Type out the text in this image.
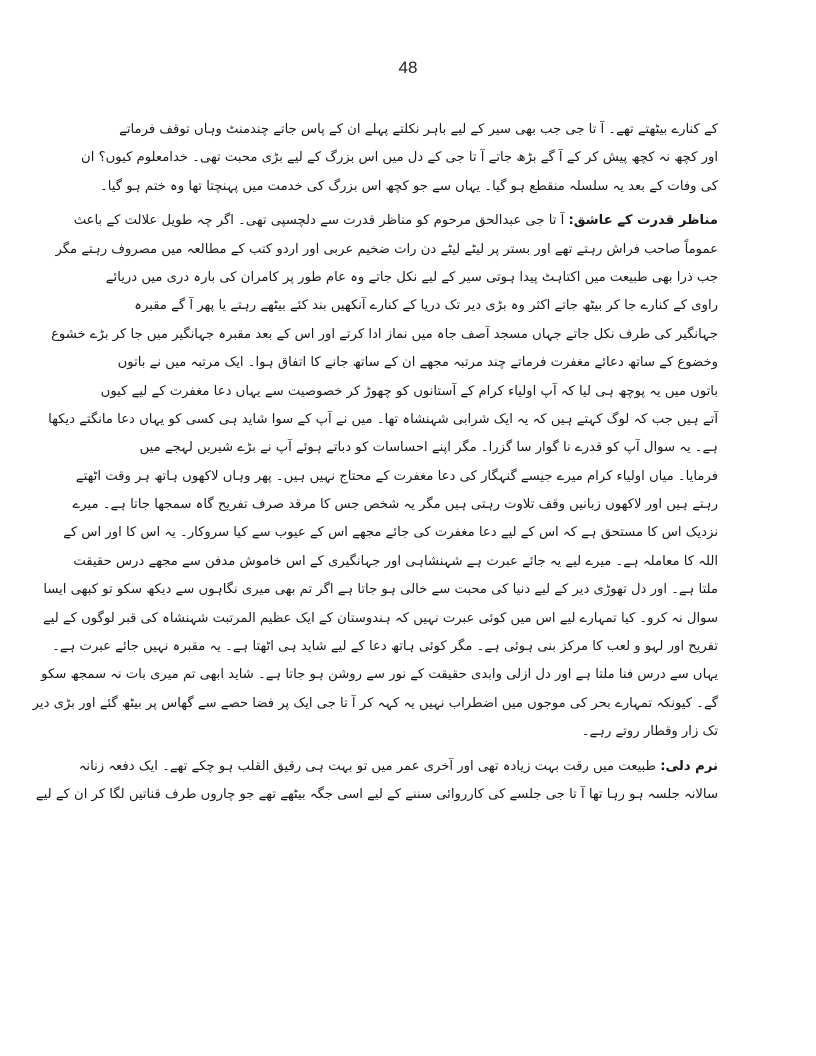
48
کے کنارے بیٹھتے تھے۔ آ تا جی جب بھی سیر کے لیے باہر نکلتے پہلے ان کے پاس جاتے چندمنٹ وہاں توقف فرماتے
اور کچھ نہ کچھ پیش کر کے آ گے بڑھ جاتے آ تا جی کے دل میں اس بزرگ کے لیے بڑی محبت تھی۔ خدامعلوم کیوں؟ ان
کی وفات کے بعد یہ سلسلہ منقطع ہو گیا۔ یہاں سے جو کچھ اس بزرگ کی خدمت میں پہنچتا تھا وہ ختم ہو گیا۔
مناظر قدرت کے عاشق: آ تا جی عبدالحق مرحوم کو مناظر قدرت سے دلچسپی تھی۔ اگر چہ طویل علالت کے باعث
عموماً صاحب فراش رہتے تھے اور بستر پر لیٹے لیٹے دن رات ضخیم عربی اور اردو کتب کے مطالعہ میں مصروف رہتے مگر
جب ذرا بھی طبیعت میں اکتاہٹ پیدا ہوتی سیر کے لیے نکل جاتے وہ عام طور پر کامران کی بارہ دری میں دریائے
راوی کے کنارے جا کر بیٹھ جاتے اکثر وہ بڑی دیر تک دریا کے کنارے آنکھیں بند کئے بیٹھے رہتے یا پھر آ گے مقبرہ
جہانگیر کی طرف نکل جاتے جہاں مسجد آصف جاہ میں نماز ادا کرتے اور اس کے بعد مقبرہ جہانگیر میں جا کر بڑے خشوع
وخضوع کے ساتھ دعائے مغفرت فرماتے چند مرتبہ مجھے ان کے ساتھ جانے کا اتفاق ہوا۔ ایک مرتبہ میں نے باتوں
باتوں میں یہ پوچھ ہی لیا کہ آپ اولیاء کرام کے آستانوں کو چھوڑ کر خصوصیت سے یہاں دعا مغفرت کے لیے کیوں
آتے ہیں جب کہ لوگ کہتے ہیں کہ یہ ایک شرابی شہنشاہ تھا۔ میں نے آپ کے سوا شاید ہی کسی کو یہاں دعا مانگتے دیکھا
ہے۔ یہ سوال آپ کو قدرے نا گوار سا گزرا۔ مگر اپنے احساسات کو دباتے ہوئے آپ نے بڑے شیریں لہجے میں
فرمایا۔ میاں اولیاء کرام میرے جیسے گنہگار کی دعا مغفرت کے محتاج نہیں ہیں۔ پھر وہاں لاکھوں ہاتھ ہر وقت اٹھتے
رہتے ہیں اور لاکھوں زبانیں وقف تلاوت رہتی ہیں مگر یہ شخص جس کا مرقد صرف تفریح گاہ سمجھا جاتا ہے۔ میرے
نزدیک اس کا مستحق ہے کہ اس کے لیے دعا مغفرت کی جائے مجھے اس کے عیوب سے کیا سروکار۔ یہ اس کا اور اس کے
اللہ کا معاملہ ہے۔ میرے لیے یہ جائے عبرت ہے شہنشاہی اور جہانگیری کے اس خاموش مدفن سے مجھے درس حقیقت
ملتا ہے۔ اور دل تھوڑی دیر کے لیے دنیا کی محبت سے خالی ہو جاتا ہے اگر تم بھی میری نگاہوں سے دیکھ سکو تو کبھی ایسا
سوال نہ کرو۔ کیا تمہارے لیے اس میں کوئی عبرت نہیں کہ ہندوستان کے ایک عظیم المرتبت شہنشاہ کی قبر لوگوں کے لیے
تفریح اور لہو و لعب کا مرکز بنی ہوئی ہے۔ مگر کوئی ہاتھ دعا کے لیے شاید ہی اٹھتا ہے۔ یہ مقبرہ نہیں جائے عبرت ہے۔
یہاں سے درس فنا ملتا ہے اور دل ازلی وابدی حقیقت کے نور سے روشن ہو جاتا ہے۔ شاید ابھی تم میری بات نہ سمجھ سکو
گے۔ کیونکہ تمہارے بحر کی موجوں میں اضطراب نہیں یہ کہہ کر آ تا جی ایک پر فضا حصے سے گھاس پر بیٹھ گئے اور بڑی دیر
تک زار وقطار روتے رہے۔
نرم دلی: طبیعت میں رقت بہت زیادہ تھی اور آخری عمر میں تو بہت ہی رقیق القلب ہو چکے تھے۔ ایک دفعہ زنانہ
سالانہ جلسہ ہو رہا تھا آ تا جی جلسے کی کارروائی سننے کے لیے اسی جگہ بیٹھے تھے جو چاروں طرف قناتیں لگا کر ان کے لیے
